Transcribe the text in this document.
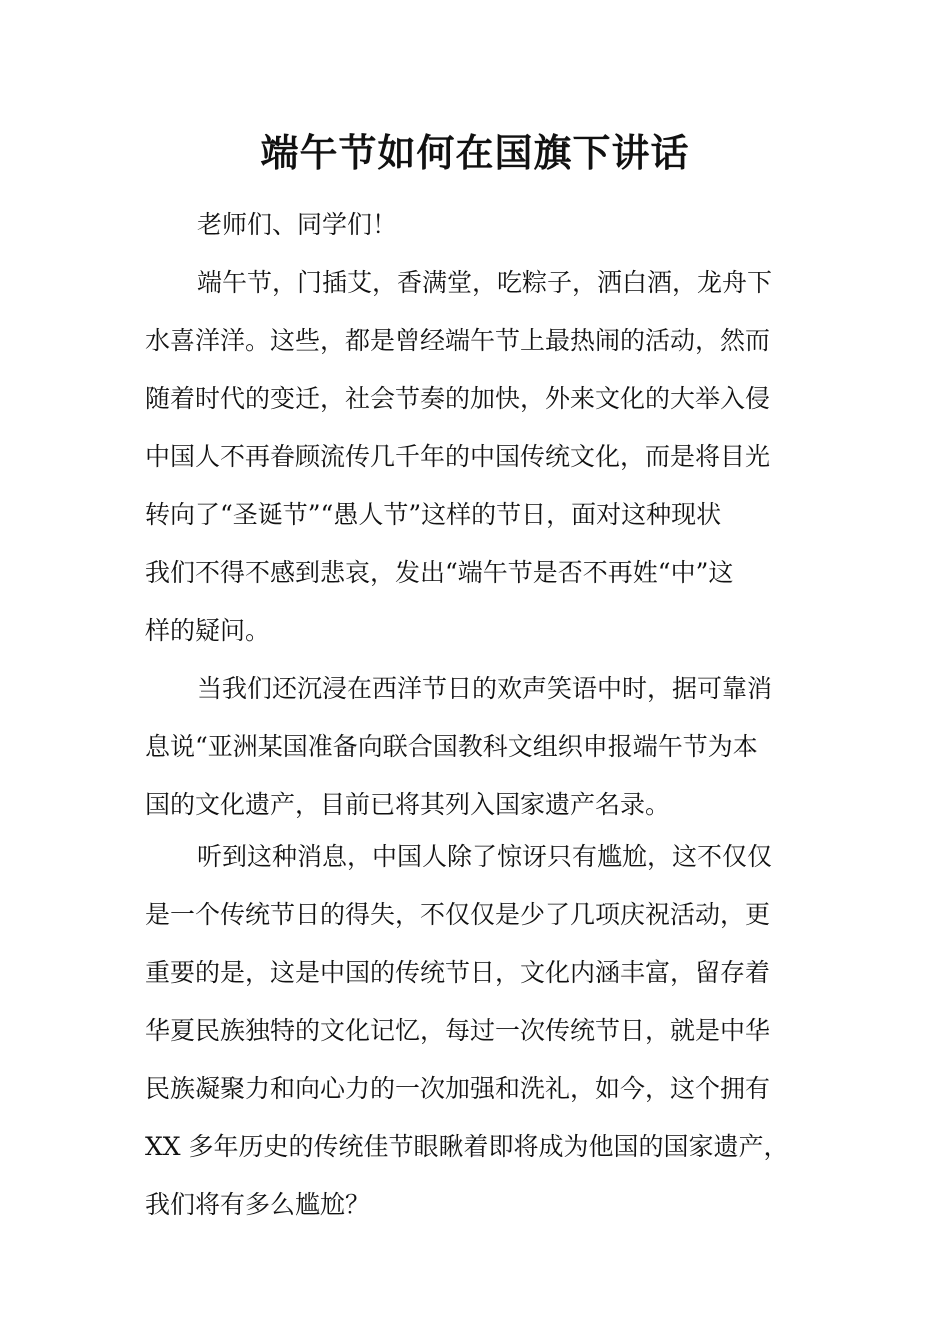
端午节如何在国旗下讲话
老师们、同学们！
端午节，门插艾，香满堂，吃粽子，洒白酒，龙舟下
水喜洋洋。这些，都是曾经端午节上最热闹的活动，然而
随着时代的变迁，社会节奏的加快，外来文化的大举入侵
中国人不再眷顾流传几千年的中国传统文化，而是将目光
转向了“圣诞节”“愚人节”这样的节日，面对这种现状
我们不得不感到悲哀，发出“端午节是否不再姓“中”这
样的疑问。
当我们还沉浸在西洋节日的欢声笑语中时，据可靠消
息说“亚洲某国准备向联合国教科文组织申报端午节为本
国的文化遗产，目前已将其列入国家遗产名录。
听到这种消息，中国人除了惊讶只有尴尬，这不仅仅
是一个传统节日的得失，不仅仅是少了几项庆祝活动，更
重要的是，这是中国的传统节日，文化内涵丰富，留存着
华夏民族独特的文化记忆，每过一次传统节日，就是中华
民族凝聚力和向心力的一次加强和洗礼，如今，这个拥有
XX 多年历史的传统佳节眼瞅着即将成为他国的国家遗产，
我们将有多么尴尬？
